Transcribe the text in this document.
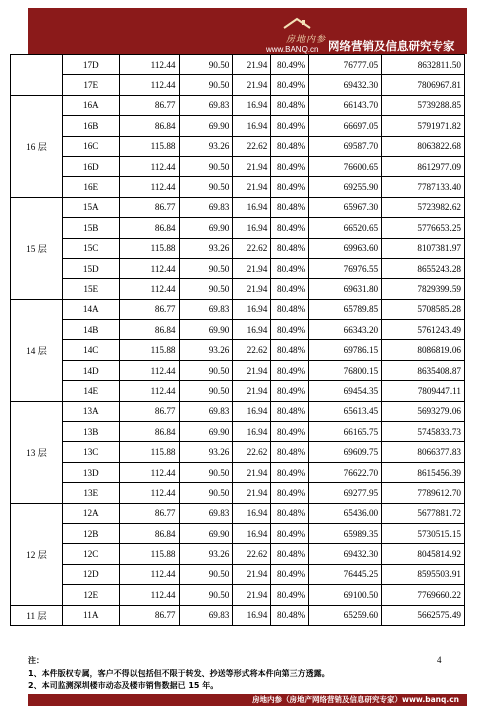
房地内参
www.BANQ.cn 网络营销及信息研究专家
	17D	112.44	90.50	21.94	80.49%	76777.05	8632811.50
	17E	112.44	90.50	21.94	80.49%	69432.30	7806967.81
16 层	16A	86.77	69.83	16.94	80.48%	66143.70	5739288.85
	16B	86.84	69.90	16.94	80.49%	66697.05	5791971.82
	16C	115.88	93.26	22.62	80.48%	69587.70	8063822.68
	16D	112.44	90.50	21.94	80.49%	76600.65	8612977.09
	16E	112.44	90.50	21.94	80.49%	69255.90	7787133.40
15 层	15A	86.77	69.83	16.94	80.48%	65967.30	5723982.62
	15B	86.84	69.90	16.94	80.49%	66520.65	5776653.25
	15C	115.88	93.26	22.62	80.48%	69963.60	8107381.97
	15D	112.44	90.50	21.94	80.49%	76976.55	8655243.28
	15E	112.44	90.50	21.94	80.49%	69631.80	7829399.59
14 层	14A	86.77	69.83	16.94	80.48%	65789.85	5708585.28
	14B	86.84	69.90	16.94	80.49%	66343.20	5761243.49
	14C	115.88	93.26	22.62	80.48%	69786.15	8086819.06
	14D	112.44	90.50	21.94	80.49%	76800.15	8635408.87
	14E	112.44	90.50	21.94	80.49%	69454.35	7809447.11
13 层	13A	86.77	69.83	16.94	80.48%	65613.45	5693279.06
	13B	86.84	69.90	16.94	80.49%	66165.75	5745833.73
	13C	115.88	93.26	22.62	80.48%	69609.75	8066377.83
	13D	112.44	90.50	21.94	80.49%	76622.70	8615456.39
	13E	112.44	90.50	21.94	80.49%	69277.95	7789612.70
12 层	12A	86.77	69.83	16.94	80.48%	65436.00	5677881.72
	12B	86.84	69.90	16.94	80.49%	65989.35	5730515.15
	12C	115.88	93.26	22.62	80.48%	69432.30	8045814.92
	12D	112.44	90.50	21.94	80.49%	76445.25	8595503.91
	12E	112.44	90.50	21.94	80.49%	69100.50	7769660.22
11 层	11A	86.77	69.83	16.94	80.48%	65259.60	5662575.49
4
注：
1、本件版权专属，客户不得以包括但不限于转发、抄送等形式将本件向第三方透露。
2、本司监测深圳楼市动态及楼市销售数据已 15 年。
房地内参（房地产网络营销及信息研究专家）www.banq.cn
